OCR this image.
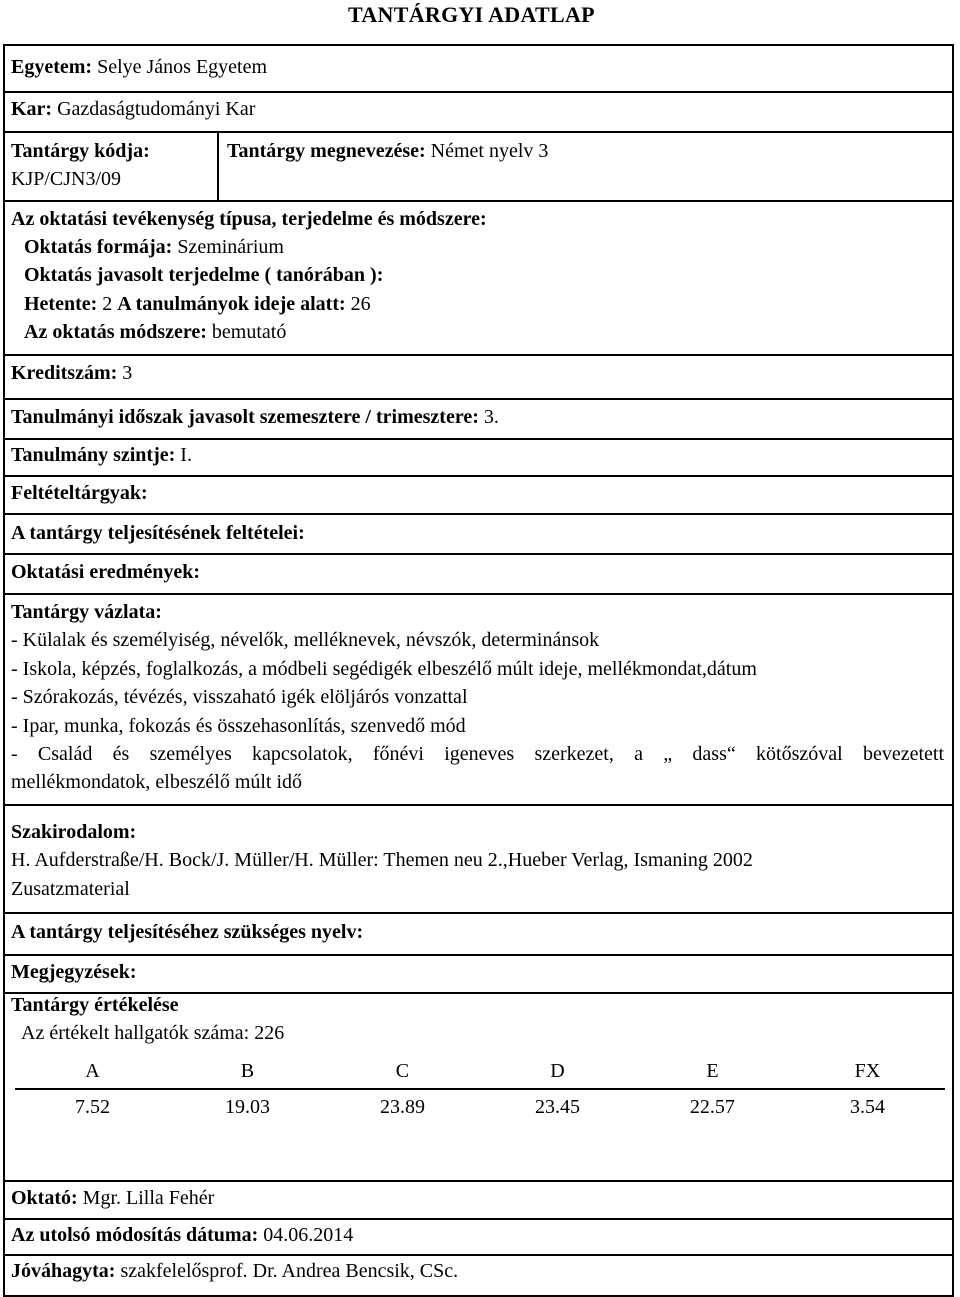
TANTÁRGYI ADATLAP
Egyetem: Selye János Egyetem
Kar: Gazdaságtudományi Kar
Tantárgy kódja:
KJP/CJN3/09
Tantárgy megnevezése: Német nyelv 3
Az oktatási tevékenység típusa, terjedelme és módszere:
Oktatás formája: Szeminárium
Oktatás javasolt terjedelme ( tanórában ):
Hetente: 2 A tanulmányok ideje alatt: 26
Az oktatás módszere: bemutató
Kreditszám: 3
Tanulmányi időszak javasolt szemesztere / trimesztere: 3.
Tanulmány szintje: I.
Feltételtárgyak:
A tantárgy teljesítésének feltételei:
Oktatási eredmények:
Tantárgy vázlata:
- Külalak és személyiség, névelők, melléknevek, névszók, determinánsok
- Iskola, képzés, foglalkozás, a módbeli segédigék elbeszélő múlt ideje, mellékmondat,dátum
- Szórakozás, tévézés, visszaható igék elöljárós vonzattal
- Ipar, munka, fokozás és összehasonlítás, szenvedő mód
- Család és személyes kapcsolatok, főnévi igeneves szerkezet, a „ dass“ kötőszóval bevezetett
mellékmondatok, elbeszélő múlt idő
Szakirodalom:
H. Aufderstraße/H. Bock/J. Müller/H. Müller: Themen neu 2.,Hueber Verlag, Ismaning 2002
Zusatzmaterial
A tantárgy teljesítéséhez szükséges nyelv:
Megjegyzések:
Tantárgy értékelése
Az értékelt hallgatók száma: 226
A	B	C	D	E	FX
7.52	19.03	23.89	23.45	22.57	3.54
Oktató: Mgr. Lilla Fehér
Az utolsó módosítás dátuma: 04.06.2014
Jóváhagyta: szakfelelősprof. Dr. Andrea Bencsik, CSc.
